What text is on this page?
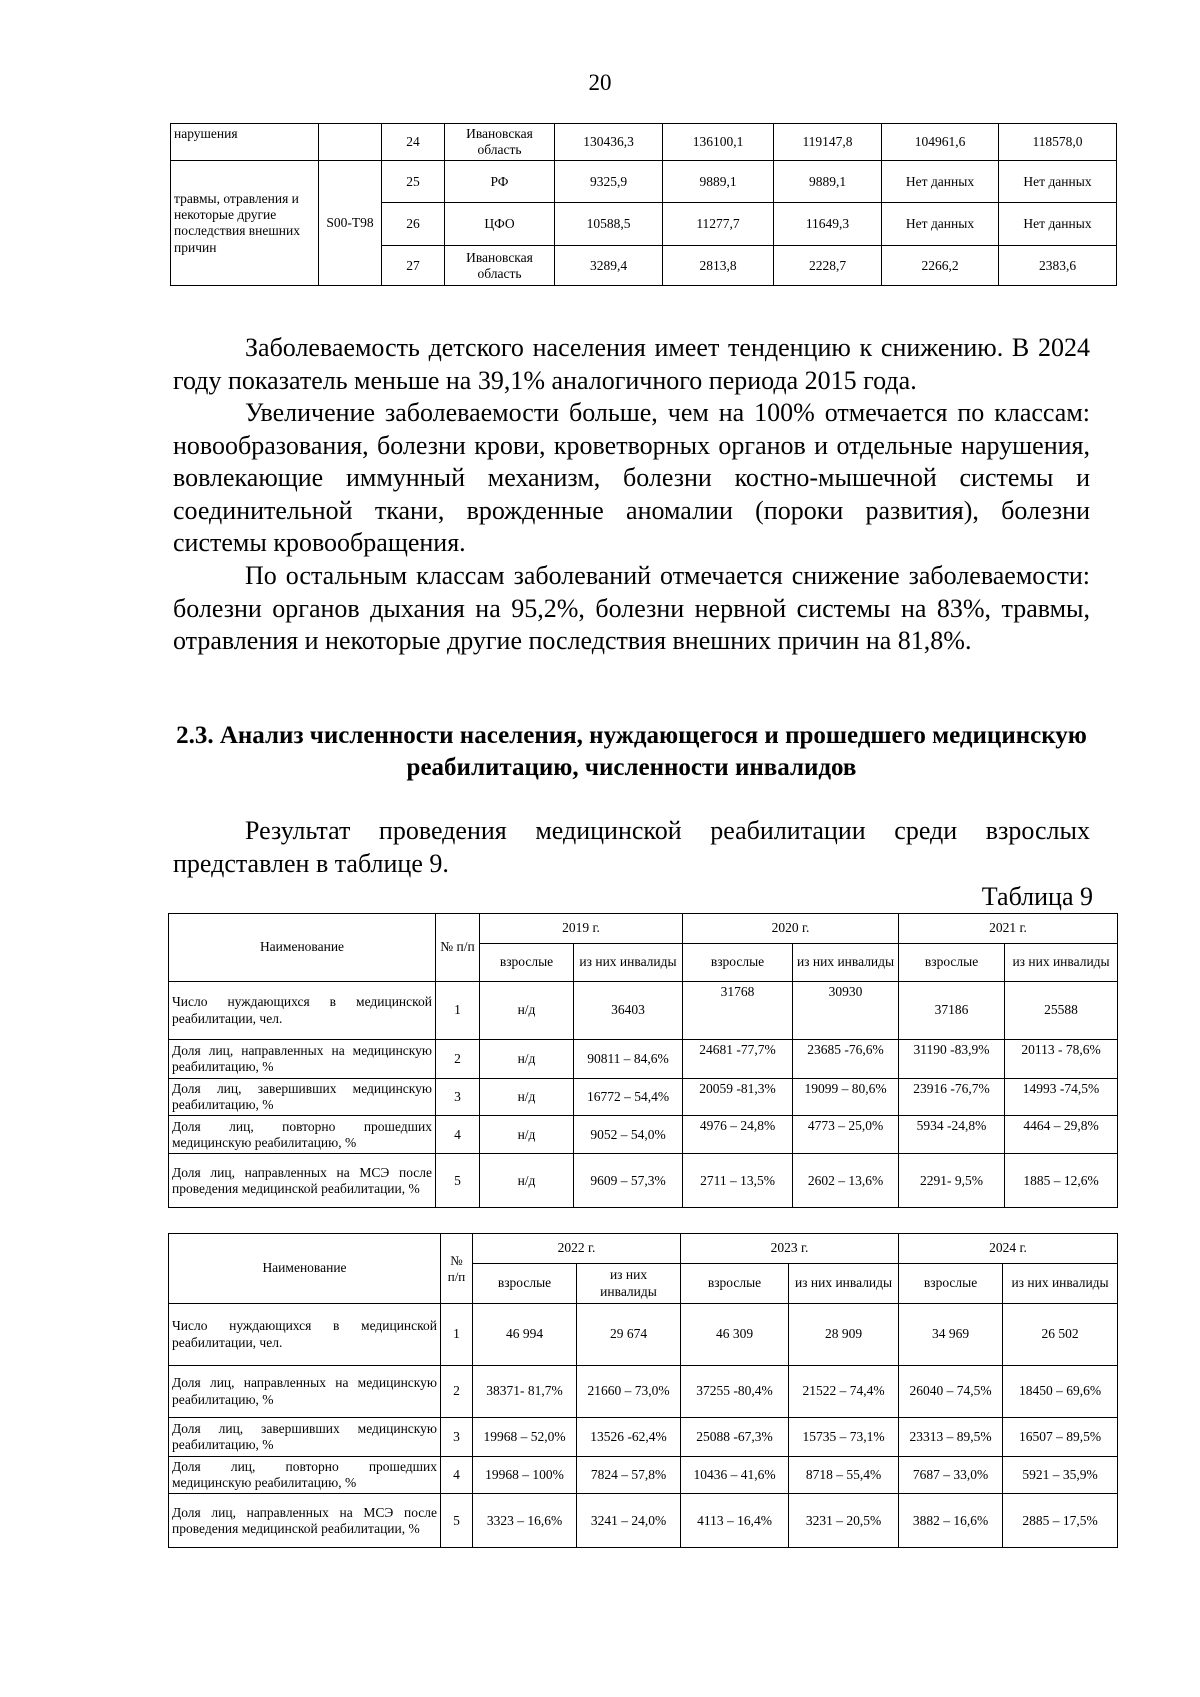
20
нарушения		24	Ивановская область	130436,3	136100,1	119147,8	104961,6	118578,0
травмы, отравления и некоторые другие последствия внешних причин	S00-T98	25	РФ	9325,9	9889,1	9889,1	Нет данных	Нет данных
		26	ЦФО	10588,5	11277,7	11649,3	Нет данных	Нет данных
		27	Ивановская область	3289,4	2813,8	2228,7	2266,2	2383,6

Заболеваемость детского населения имеет тенденцию к снижению. В 2024 году показатель меньше на 39,1% аналогичного периода 2015 года.

Увеличение заболеваемости больше, чем на 100% отмечается по классам: новообразования, болезни крови, кроветворных органов и отдельные нарушения, вовлекающие иммунный механизм, болезни костно-мышечной системы и соединительной ткани, врожденные аномалии (пороки развития), болезни системы кровообращения.

По остальным классам заболеваний отмечается снижение заболеваемости: болезни органов дыхания на 95,2%, болезни нервной системы на 83%, травмы, отравления и некоторые другие последствия внешних причин на 81,8%.

2.3. Анализ численности населения, нуждающегося и прошедшего медицинскую реабилитацию, численности инвалидов

Результат проведения медицинской реабилитации среди взрослых представлен в таблице 9.

Таблица 9
Наименование	№ п/п	2019 г.		2020 г.		2021 г.	
		взрослые	из них инвалиды	взрослые	из них инвалиды	взрослые	из них инвалиды
Число нуждающихся в медицинской реабилитации, чел.	1	н/д	36403	31768	30930	37186	25588
Доля лиц, направленных на медицинскую реабилитацию, %	2	н/д	90811 – 84,6%	24681 -77,7%	23685 -76,6%	31190 -83,9%	20113 - 78,6%
Доля лиц, завершивших медицинскую реабилитацию, %	3	н/д	16772 – 54,4%	20059 -81,3%	19099 – 80,6%	23916 -76,7%	14993 -74,5%
Доля лиц, повторно прошедших медицинскую реабилитацию, %	4	н/д	9052 – 54,0%	4976 – 24,8%	4773 – 25,0%	5934 -24,8%	4464 – 29,8%
Доля лиц, направленных на МСЭ после проведения медицинской реабилитации, %	5	н/д	9609 – 57,3%	2711 – 13,5%	2602 – 13,6%	2291- 9,5%	1885 – 12,6%
Наименование	№ п/п	2022 г.		2023 г.		2024 г.	
		взрослые	из них инвалиды	взрослые	из них инвалиды	взрослые	из них инвалиды
Число нуждающихся в медицинской реабилитации, чел.	1	46 994	29 674	46 309	28 909	34 969	26 502
Доля лиц, направленных на медицинскую реабилитацию, %	2	38371- 81,7%	21660 – 73,0%	37255 -80,4%	21522 – 74,4%	26040 – 74,5%	18450 – 69,6%
Доля лиц, завершивших медицинскую реабилитацию, %	3	19968 – 52,0%	13526 -62,4%	25088 -67,3%	15735 – 73,1%	23313 – 89,5%	16507 – 89,5%
Доля лиц, повторно прошедших медицинскую реабилитацию, %	4	19968 – 100%	7824 – 57,8%	10436 – 41,6%	8718 – 55,4%	7687 – 33,0%	5921 – 35,9%
Доля лиц, направленных на МСЭ после проведения медицинской реабилитации, %	5	3323 – 16,6%	3241 – 24,0%	4113 – 16,4%	3231 – 20,5%	3882 – 16,6%	2885 – 17,5%
